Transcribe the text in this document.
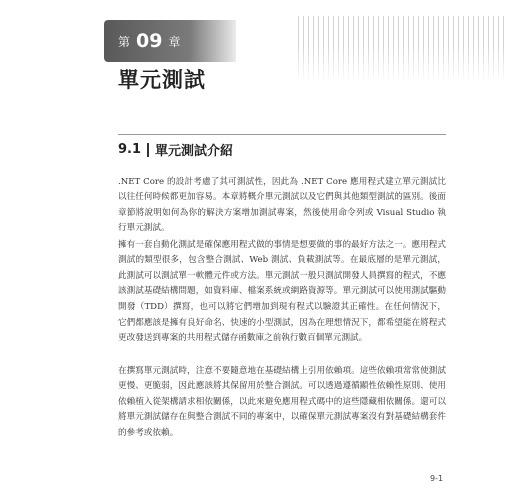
第 09 章
單元測試
9.1 單元測試介紹

.NET Core 的設計考慮了其可測試性，因此為 .NET Core 應用程式建立單元測試比以往任何時候都更加容易。本章將概介單元測試以及它們與其他類型測試的區別。後面章節將說明如何為你的解決方案增加測試專案，然後使用命令列或 Visual Studio 執行單元測試。

擁有一套自動化測試是確保應用程式做的事情是想要做的事的最好方法之一。應用程式測試的類型很多，包含整合測試、Web 測試、負載測試等。在最底層的是單元測試，此測試可以測試單一軟體元件或方法。單元測試一般只測試開發人員撰寫的程式，不應該測試基礎結構問題，如資料庫、檔案系統或網路資源等。單元測試可以使用測試驅動開發（TDD）撰寫，也可以將它們增加到現有程式以驗證其正確性。在任何情況下，它們都應該是擁有良好命名、快速的小型測試，因為在理想情況下，都希望能在將程式更改發送到專案的共用程式儲存函數庫之前執行數百個單元測試。

在撰寫單元測試時，注意不要隨意地在基礎結構上引用依賴項。這些依賴項常常使測試更慢、更脆弱，因此應該將其保留用於整合測試。可以透過遵循顯性依賴性原則、使用依賴植入從架構請求相依關係，以此來避免應用程式碼中的這些隱藏相依關係。還可以將單元測試儲存在與整合測試不同的專案中，以確保單元測試專案沒有對基礎結構套件的參考或依賴。

9-1
